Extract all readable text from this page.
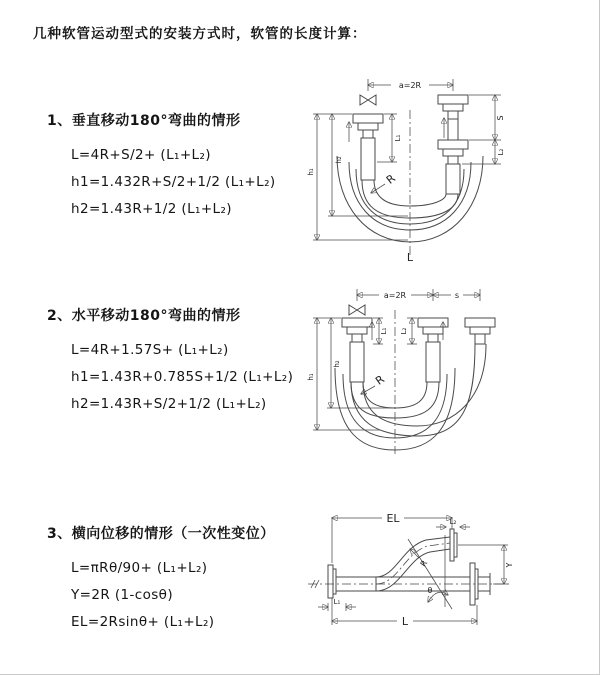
几种软管运动型式的安装方式时，软管的长度计算：
1、垂直移动180°弯曲的情形
L=4R+S/2+ (L₁+L₂)
h1=1.432R+S/2+1/2 (L₁+L₂)
h2=1.43R+1/2 (L₁+L₂)
2、水平移动180°弯曲的情形
L=4R+1.57S+ (L₁+L₂)
h1=1.43R+0.785S+1/2 (L₁+L₂)
h2=1.43R+S/2+1/2 (L₁+L₂)
3、横向位移的情形（一次性变位）
L=πRθ/90+ (L₁+L₂)
Y=2R (1-cosθ)
EL=2Rsinθ+ (L₁+L₂)
a=2R
L₁
S
L₂
h₁
h₂
R
L
a=2R	s
L₁ L₂
h₁
h₂
R
EL	L₂
Y
θ
R
L₁
L
